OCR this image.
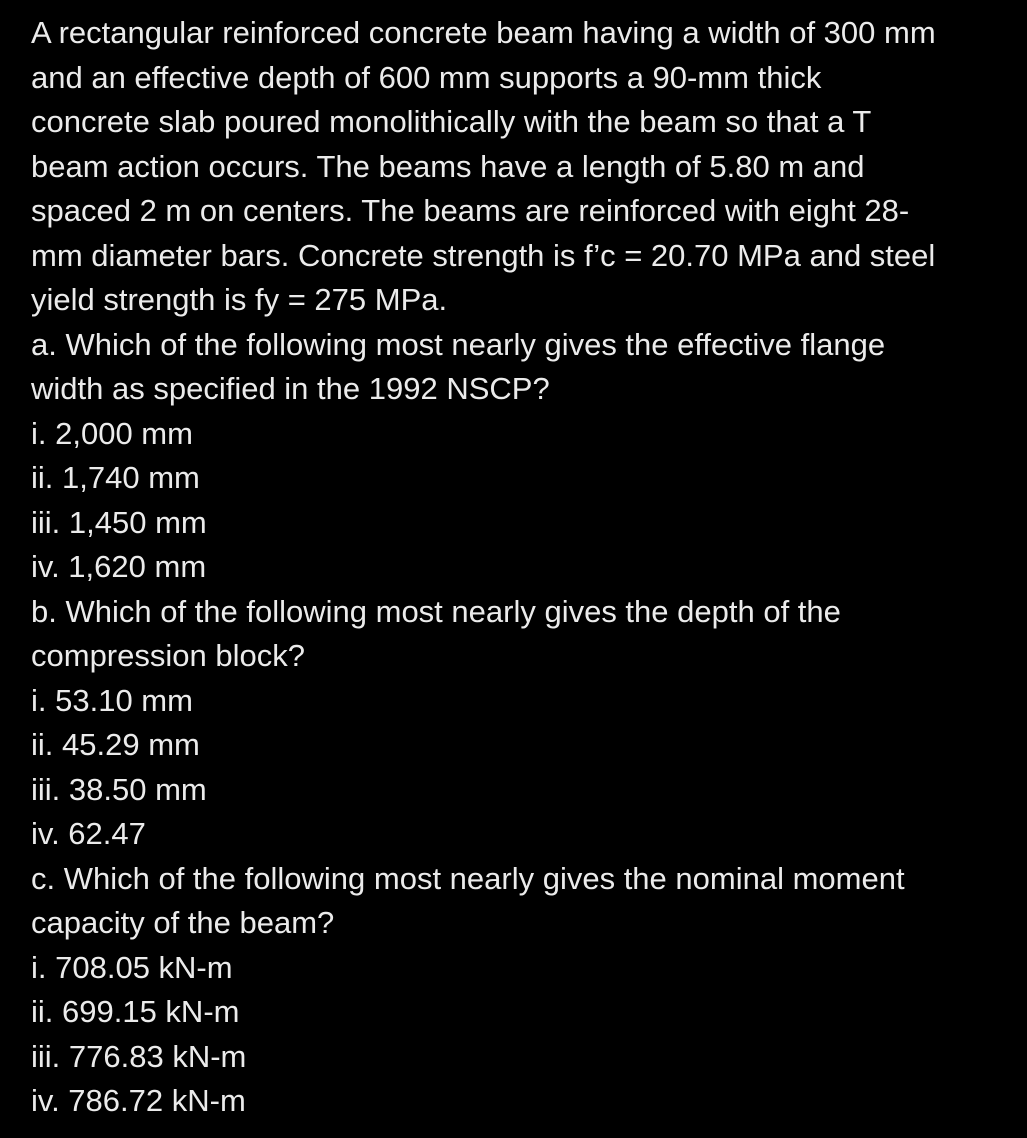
A rectangular reinforced concrete beam having a width of 300 mm
and an effective depth of 600 mm supports a 90-mm thick
concrete slab poured monolithically with the beam so that a T
beam action occurs. The beams have a length of 5.80 m and
spaced 2 m on centers. The beams are reinforced with eight 28-
mm diameter bars. Concrete strength is f’c = 20.70 MPa and steel
yield strength is fy = 275 MPa.
a. Which of the following most nearly gives the effective flange
width as specified in the 1992 NSCP?
i. 2,000 mm
ii. 1,740 mm
iii. 1,450 mm
iv. 1,620 mm
b. Which of the following most nearly gives the depth of the
compression block?
i. 53.10 mm
ii. 45.29 mm
iii. 38.50 mm
iv. 62.47
c. Which of the following most nearly gives the nominal moment
capacity of the beam?
i. 708.05 kN-m
ii. 699.15 kN-m
iii. 776.83 kN-m
iv. 786.72 kN-m
